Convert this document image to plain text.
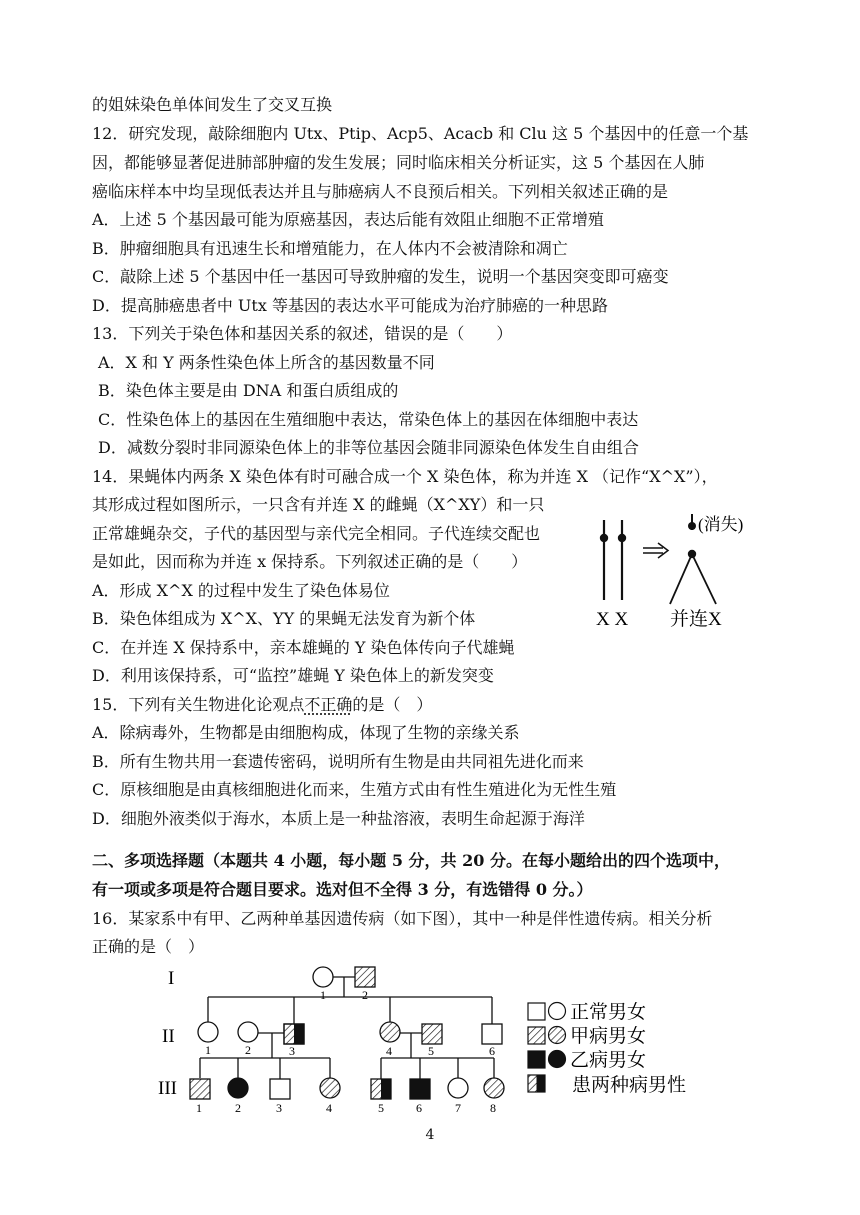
的姐妹染色单体间发生了交叉互换
12．研究发现，敲除细胞内 Utx、Ptip、Acp5、Acacb 和 Clu 这 5 个基因中的任意一个基
因，都能够显著促进肺部肿瘤的发生发展；同时临床相关分析证实，这 5 个基因在人肺
癌临床样本中均呈现低表达并且与肺癌病人不良预后相关。下列相关叙述正确的是
A．上述 5 个基因最可能为原癌基因，表达后能有效阻止细胞不正常增殖
B．肿瘤细胞具有迅速生长和增殖能力，在人体内不会被清除和凋亡
C．敲除上述 5 个基因中任一基因可导致肿瘤的发生，说明一个基因突变即可癌变
D．提高肺癌患者中 Utx 等基因的表达水平可能成为治疗肺癌的一种思路
13．下列关于染色体和基因关系的叙述，错误的是（　　）
A．X 和 Y 两条性染色体上所含的基因数量不同
B．染色体主要是由 DNA 和蛋白质组成的
C．性染色体上的基因在生殖细胞中表达，常染色体上的基因在体细胞中表达
D．减数分裂时非同源染色体上的非等位基因会随非同源染色体发生自由组合
14．果蝇体内两条 X 染色体有时可融合成一个 X 染色体，称为并连 X （记作“X^X”），
其形成过程如图所示，一只含有并连 X 的雌蝇（X^XY）和一只
正常雄蝇杂交，子代的基因型与亲代完全相同。子代连续交配也
是如此，因而称为并连 x 保持系。下列叙述正确的是（　　）
A．形成 X^X 的过程中发生了染色体易位
B．染色体组成为 X^X、YY 的果蝇无法发育为新个体
C．在并连 X 保持系中，亲本雄蝇的 Y 染色体传向子代雄蝇
D．利用该保持系，可“监控”雄蝇 Y 染色体上的新发突变
15．下列有关生物进化论观点不正确的是（　）
A．除病毒外，生物都是由细胞构成，体现了生物的亲缘关系
B．所有生物共用一套遗传密码，说明所有生物是由共同祖先进化而来
C．原核细胞是由真核细胞进化而来，生殖方式由有性生殖进化为无性生殖
D．细胞外液类似于海水，本质上是一种盐溶液，表明生命起源于海洋
二、多项选择题（本题共 4 小题，每小题 5 分，共 20 分。在每小题给出的四个选项中，
有一项或多项是符合题目要求。选对但不全得 3 分，有选错得 0 分。）
16．某家系中有甲、乙两种单基因遗传病（如下图），其中一种是伴性遗传病。相关分析
正确的是（　）
(消失)
X X 并连X
I
II
III
1	2
1	2	3	4	5	6
1	2	3	4	5	6	7 8
正常男女
甲病男女
乙病男女
患两种病男性
4
